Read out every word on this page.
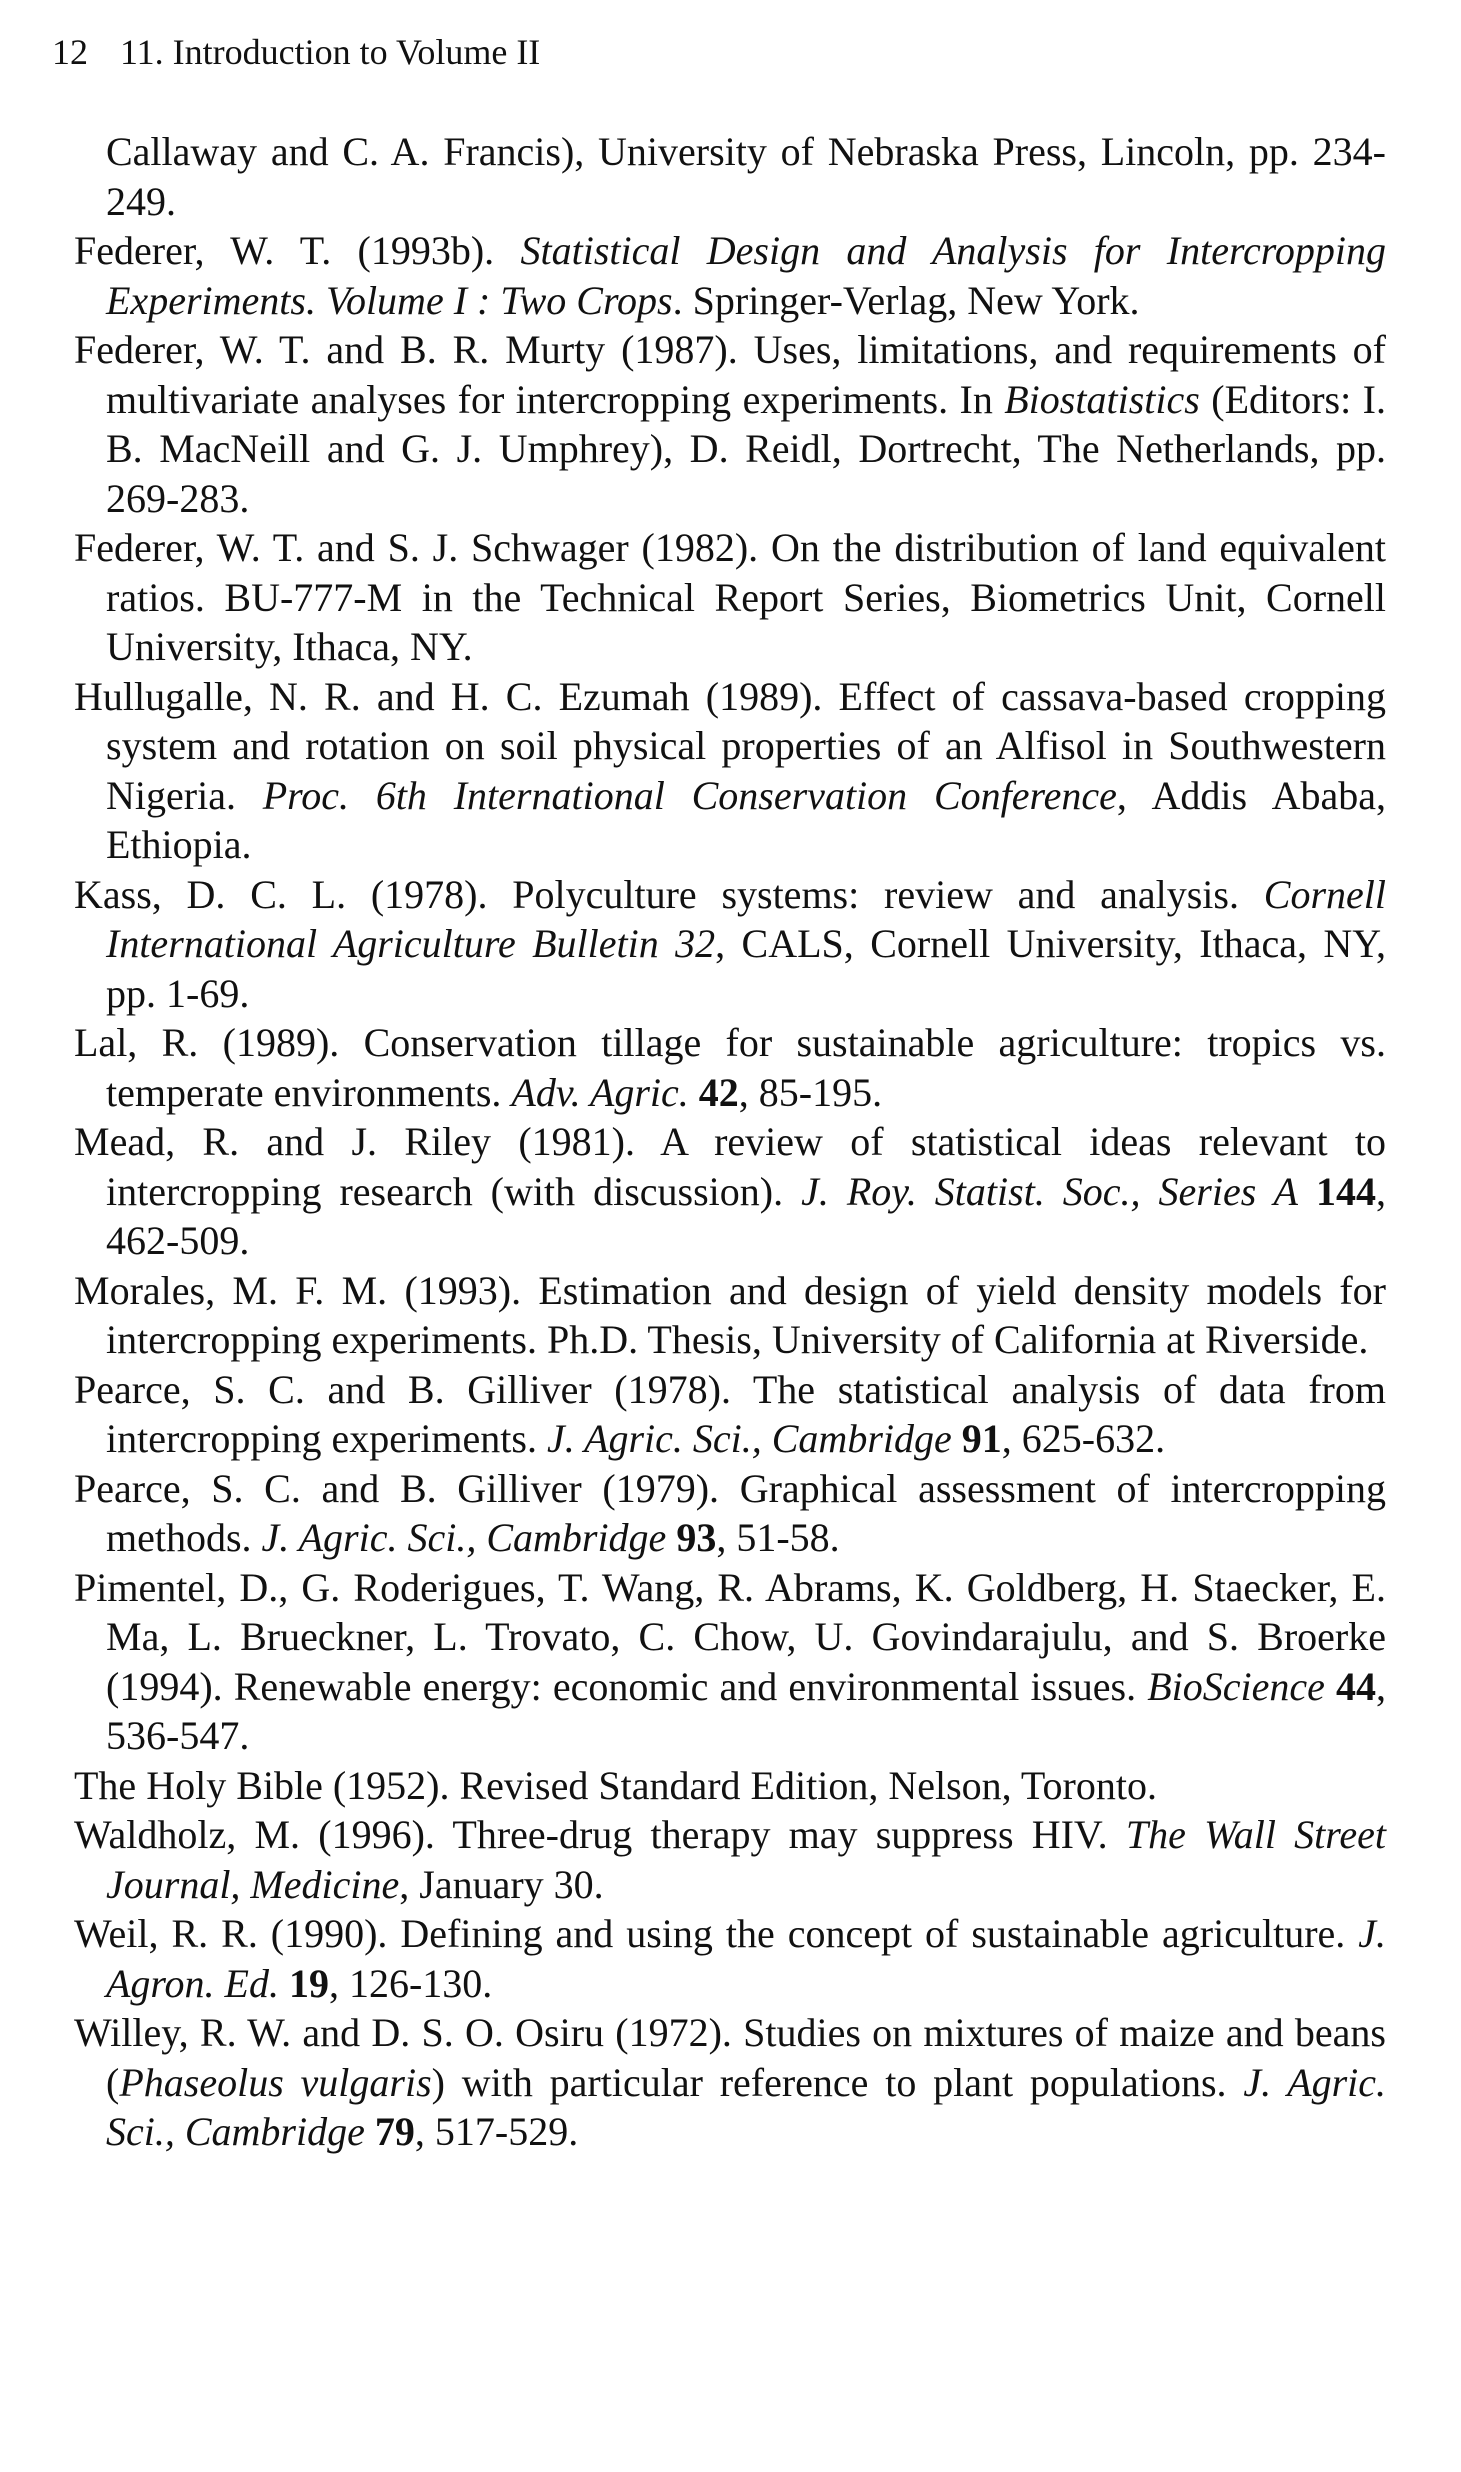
12 11. Introduction to Volume II

Callaway and C. A. Francis), University of Nebraska Press, Lincoln, pp. 234-249.

Federer, W. T. (1993b). Statistical Design and Analysis for Intercropping Experiments. Volume I : Two Crops. Springer-Verlag, New York.

Federer, W. T. and B. R. Murty (1987). Uses, limitations, and requirements of multivariate analyses for intercropping experiments. In Biostatistics (Editors: I. B. MacNeill and G. J. Umphrey), D. Reidl, Dortrecht, The Netherlands, pp. 269-283.

Federer, W. T. and S. J. Schwager (1982). On the distribution of land equivalent ratios. BU-777-M in the Technical Report Series, Biometrics Unit, Cornell University, Ithaca, NY.

Hullugalle, N. R. and H. C. Ezumah (1989). Effect of cassava-based cropping system and rotation on soil physical properties of an Alfisol in Southwestern Nigeria. Proc. 6th International Conservation Conference, Addis Ababa, Ethiopia.

Kass, D. C. L. (1978). Polyculture systems: review and analysis. Cornell International Agriculture Bulletin 32, CALS, Cornell University, Ithaca, NY, pp. 1-69.

Lal, R. (1989). Conservation tillage for sustainable agriculture: tropics vs. temperate environments. Adv. Agric. 42, 85-195.

Mead, R. and J. Riley (1981). A review of statistical ideas relevant to intercropping research (with discussion). J. Roy. Statist. Soc., Series A 144, 462-509.

Morales, M. F. M. (1993). Estimation and design of yield density models for intercropping experiments. Ph.D. Thesis, University of California at Riverside.

Pearce, S. C. and B. Gilliver (1978). The statistical analysis of data from intercropping experiments. J. Agric. Sci., Cambridge 91, 625-632.

Pearce, S. C. and B. Gilliver (1979). Graphical assessment of intercropping methods. J. Agric. Sci., Cambridge 93, 51-58.

Pimentel, D., G. Roderigues, T. Wang, R. Abrams, K. Goldberg, H. Staecker, E. Ma, L. Brueckner, L. Trovato, C. Chow, U. Govindarajulu, and S. Broerke (1994). Renewable energy: economic and environmental issues. BioScience 44, 536-547.

The Holy Bible (1952). Revised Standard Edition, Nelson, Toronto.

Waldholz, M. (1996). Three-drug therapy may suppress HIV. The Wall Street Journal, Medicine, January 30.

Weil, R. R. (1990). Defining and using the concept of sustainable agriculture. J. Agron. Ed. 19, 126-130.

Willey, R. W. and D. S. O. Osiru (1972). Studies on mixtures of maize and beans (Phaseolus vulgaris) with particular reference to plant populations. J. Agric. Sci., Cambridge 79, 517-529.
